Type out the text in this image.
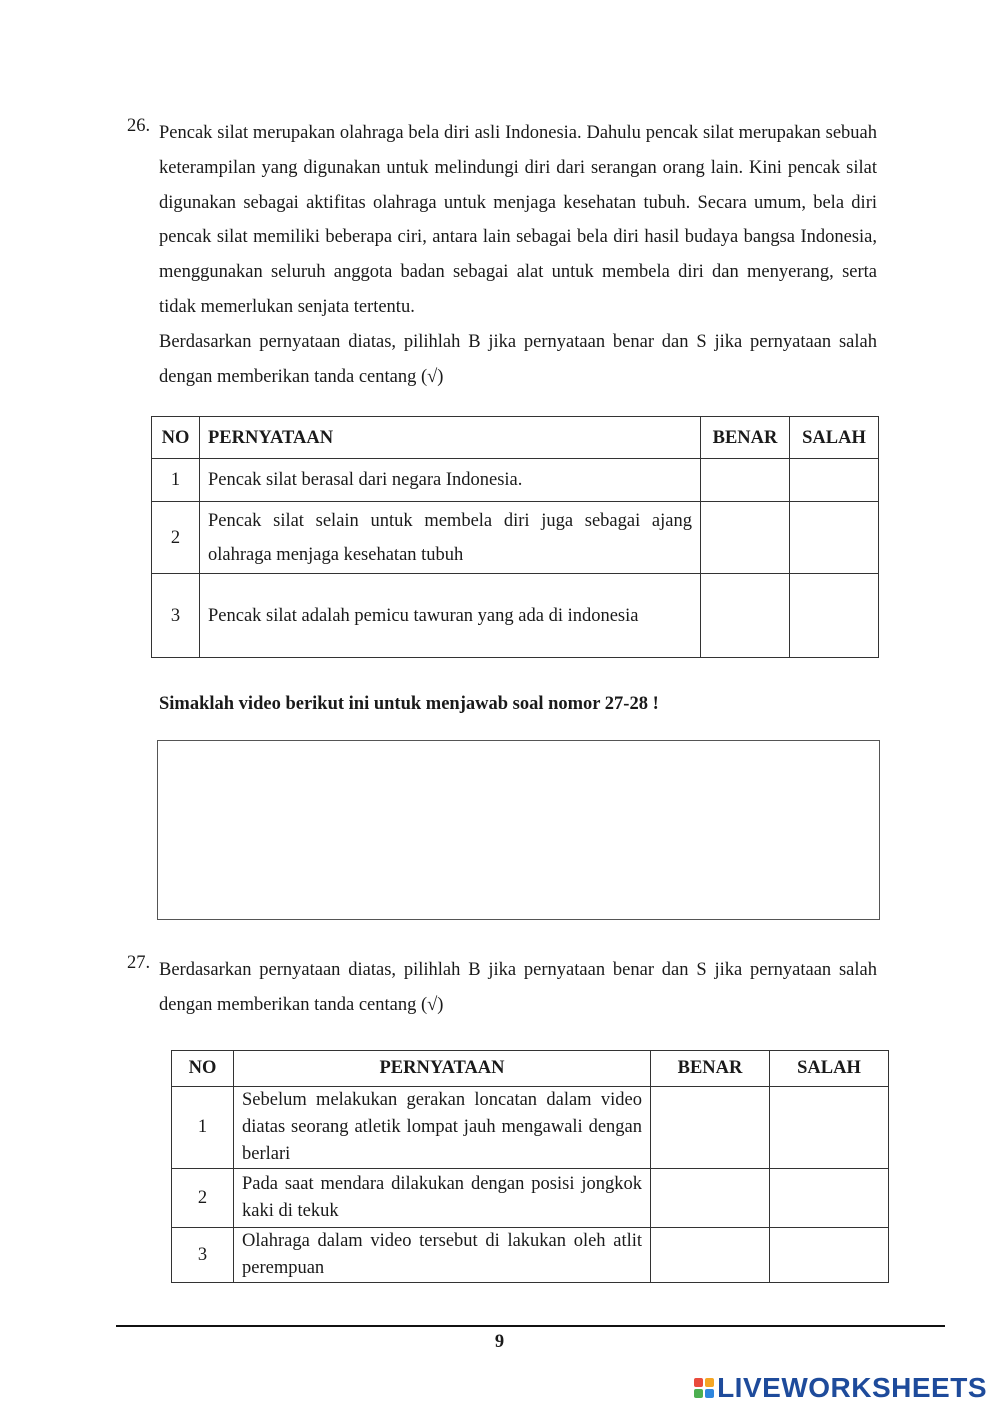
26. Pencak silat merupakan olahraga bela diri asli Indonesia. Dahulu pencak silat merupakan sebuah keterampilan yang digunakan untuk melindungi diri dari serangan orang lain. Kini pencak silat digunakan sebagai aktifitas olahraga untuk menjaga kesehatan tubuh. Secara umum, bela diri pencak silat memiliki beberapa ciri, antara lain sebagai bela diri hasil budaya bangsa Indonesia, menggunakan seluruh anggota badan sebagai alat untuk membela diri dan menyerang, serta tidak memerlukan senjata tertentu.

Berdasarkan pernyataan diatas, pilihlah B jika pernyataan benar dan S jika pernyataan salah dengan memberikan tanda centang (√)

NO	PERNYATAAN	BENAR	SALAH
1	Pencak silat berasal dari negara Indonesia.		
2	Pencak silat selain untuk membela diri juga sebagai ajang olahraga menjaga kesehatan tubuh		
3	Pencak silat adalah pemicu tawuran yang ada di indonesia		
Simaklah video berikut ini untuk menjawab soal nomor 27-28 !
27. Berdasarkan pernyataan diatas, pilihlah B jika pernyataan benar dan S jika pernyataan salah dengan memberikan tanda centang (√)

NO	PERNYATAAN	BENAR	SALAH
1	Sebelum melakukan gerakan loncatan dalam video diatas seorang atletik lompat jauh mengawali dengan berlari		
2	Pada saat mendara dilakukan dengan posisi jongkok kaki di tekuk		
3	Olahraga dalam video tersebut di lakukan oleh atlit perempuan		
9
LIVEWORKSHEETS
